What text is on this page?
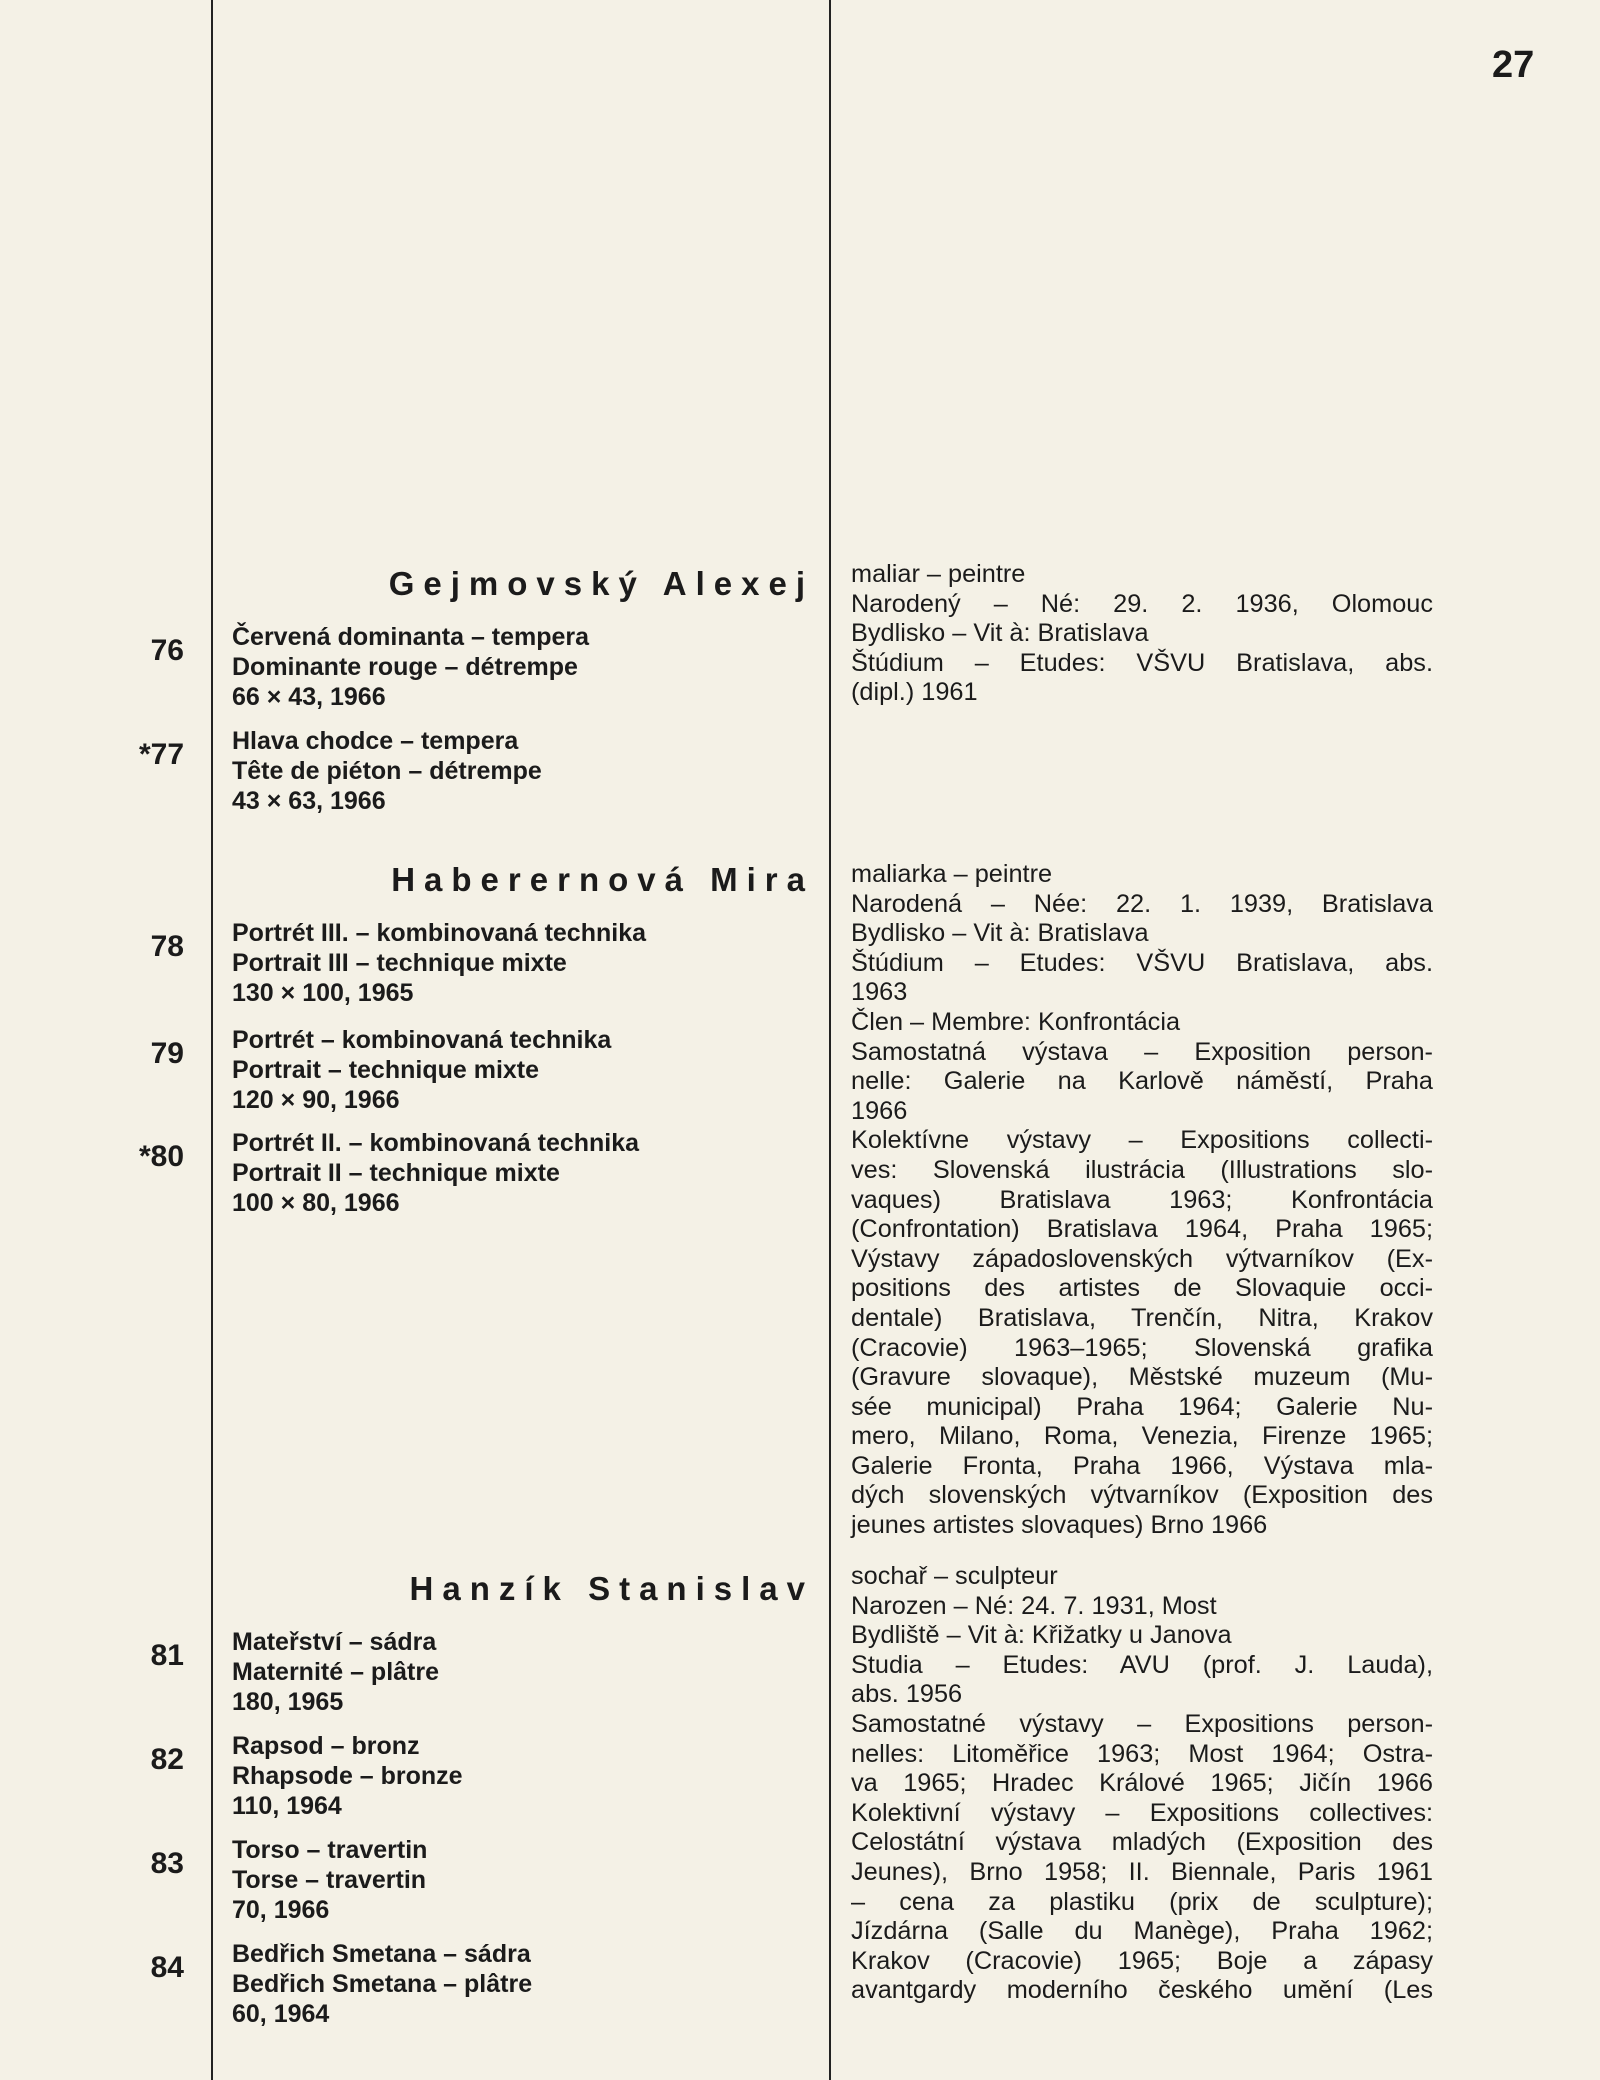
27
Gejmovský Alexej
76 Červená dominanta – tempera
Dominante rouge – détrempe
66 × 43, 1966
*77 Hlava chodce – tempera
Tête de piéton – détrempe
43 × 63, 1966

maliar – peintre

Narodený – Né: 29. 2. 1936, Olomouc

Bydlisko – Vit à: Bratislava

Štúdium – Etudes: VŠVU Bratislava, abs.

(dipl.) 1961

Haberernová Mira
78 Portrét III. – kombinovaná technika
Portrait III – technique mixte
130 × 100, 1965
79 Portrét – kombinovaná technika
Portrait – technique mixte
120 × 90, 1966
*80 Portrét II. – kombinovaná technika
Portrait II – technique mixte
100 × 80, 1966

maliarka – peintre

Narodená – Née: 22. 1. 1939, Bratislava

Bydlisko – Vit à: Bratislava

Štúdium – Etudes: VŠVU Bratislava, abs.

1963

Člen – Membre: Konfrontácia

Samostatná výstava – Exposition person-

nelle: Galerie na Karlově náměstí, Praha

1966

Kolektívne výstavy – Expositions collecti-

ves: Slovenská ilustrácia (Illustrations slo-

vaques) Bratislava 1963; Konfrontácia

(Confrontation) Bratislava 1964, Praha 1965;

Výstavy západoslovenských výtvarníkov (Ex-

positions des artistes de Slovaquie occi-

dentale) Bratislava, Trenčín, Nitra, Krakov

(Cracovie) 1963–1965; Slovenská grafika

(Gravure slovaque), Městské muzeum (Mu-

sée municipal) Praha 1964; Galerie Nu-

mero, Milano, Roma, Venezia, Firenze 1965;

Galerie Fronta, Praha 1966, Výstava mla-

dých slovenských výtvarníkov (Exposition des

jeunes artistes slovaques) Brno 1966

Hanzík Stanislav
81 Mateřství – sádra
Maternité – plâtre
180, 1965
82 Rapsod – bronz
Rhapsode – bronze
110, 1964
83 Torso – travertin
Torse – travertin
70, 1966
84 Bedřich Smetana – sádra
Bedřich Smetana – plâtre
60, 1964

sochař – sculpteur

Narozen – Né: 24. 7. 1931, Most

Bydliště – Vit à: Křižatky u Janova

Studia – Etudes: AVU (prof. J. Lauda),

abs. 1956

Samostatné výstavy – Expositions person-

nelles: Litoměřice 1963; Most 1964; Ostra-

va 1965; Hradec Králové 1965; Jičín 1966

Kolektivní výstavy – Expositions collectives:

Celostátní výstava mladých (Exposition des

Jeunes), Brno 1958; II. Biennale, Paris 1961

– cena za plastiku (prix de sculpture);

Jízdárna (Salle du Manège), Praha 1962;

Krakov (Cracovie) 1965; Boje a zápasy

avantgardy moderního českého umění (Les
